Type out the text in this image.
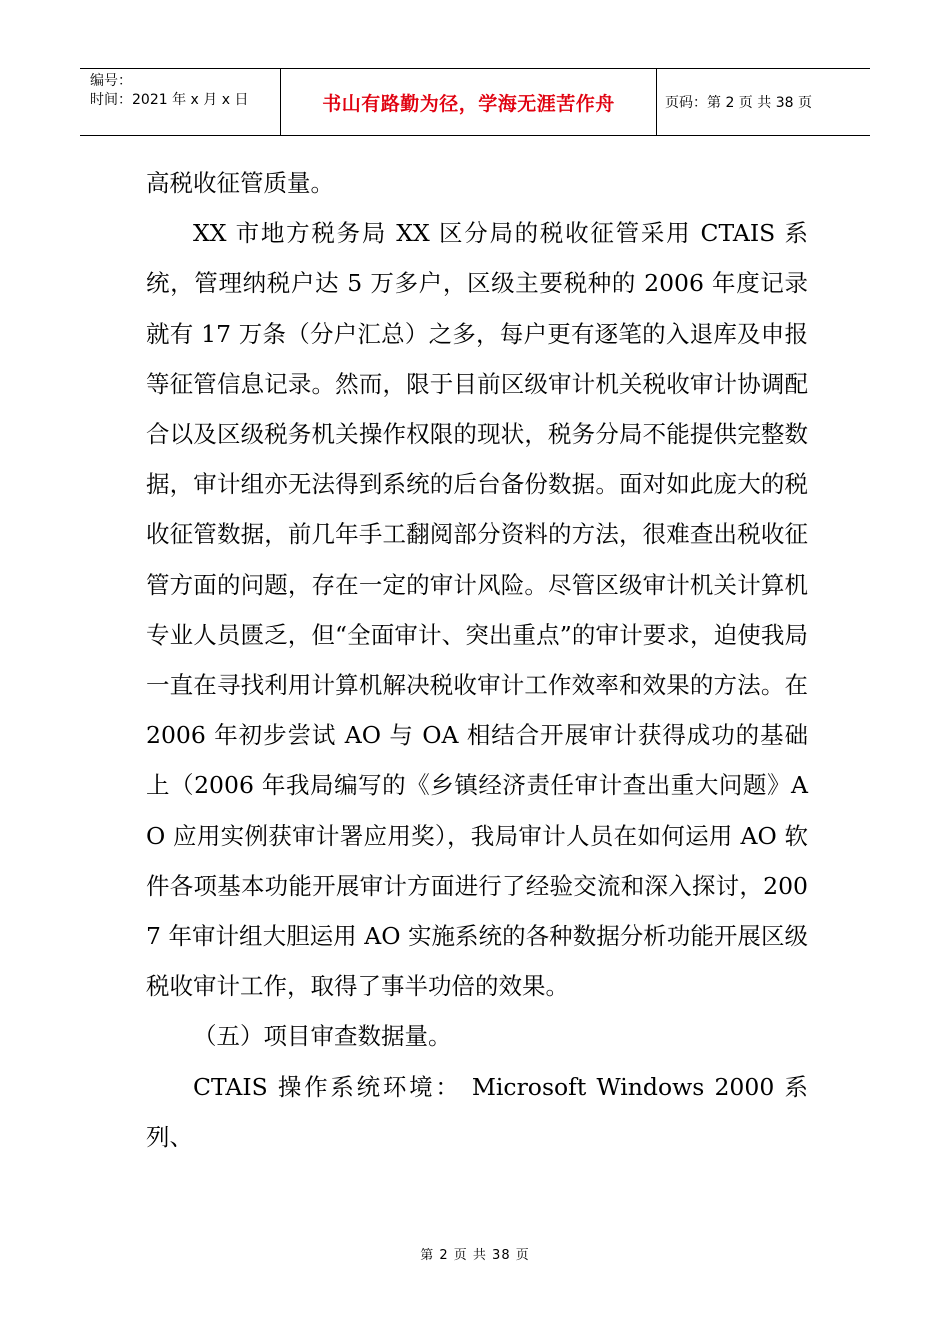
编号：
时间：2021 年 x 月 x 日	书山有路勤为径，学海无涯苦作舟	页码：第 2 页 共 38 页

高税收征管质量。

XX 市地方税务局 XX 区分局的税收征管采用 CTAIS 系统，管理纳税户达 5 万多户，区级主要税种的 2006 年度记录就有 17 万条（分户汇总）之多，每户更有逐笔的入退库及申报等征管信息记录。然而，限于目前区级审计机关税收审计协调配合以及区级税务机关操作权限的现状，税务分局不能提供完整数据，审计组亦无法得到系统的后台备份数据。面对如此庞大的税收征管数据，前几年手工翻阅部分资料的方法，很难查出税收征管方面的问题，存在一定的审计风险。尽管区级审计机关计算机专业人员匮乏，但“全面审计、突出重点”的审计要求，迫使我局一直在寻找利用计算机解决税收审计工作效率和效果的方法。在 2006 年初步尝试 AO 与 OA 相结合开展审计获得成功的基础上（2006 年我局编写的《乡镇经济责任审计查出重大问题》AO 应用实例获审计署应用奖），我局审计人员在如何运用 AO 软件各项基本功能开展审计方面进行了经验交流和深入探讨，2007 年审计组大胆运用 AO 实施系统的各种数据分析功能开展区级税收审计工作，取得了事半功倍的效果。

（五）项目审查数据量。

CTAIS 操作系统环境： Microsoft Windows 2000 系列、

第 2 页 共 38 页
